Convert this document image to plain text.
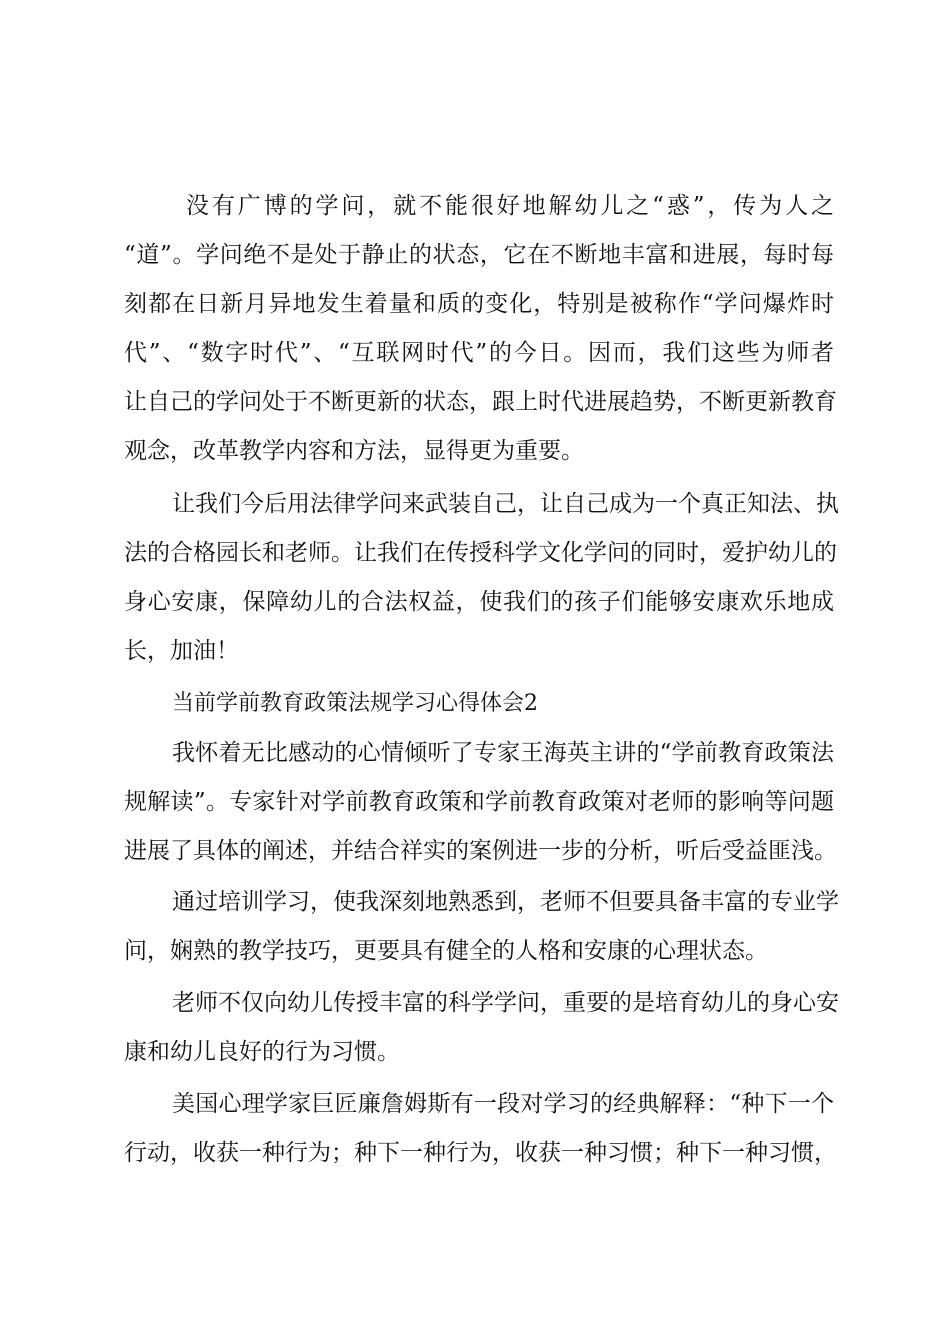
没有广博的学问，就不能很好地解幼儿之“惑”，传为人之
“道”。学问绝不是处于静止的状态，它在不断地丰富和进展，每时每
刻都在日新月异地发生着量和质的变化，特别是被称作“学问爆炸时
代”、“数字时代”、“互联网时代”的今日。因而，我们这些为师者
让自己的学问处于不断更新的状态，跟上时代进展趋势，不断更新教育
观念，改革教学内容和方法，显得更为重要。
让我们今后用法律学问来武装自己，让自己成为一个真正知法、执
法的合格园长和老师。让我们在传授科学文化学问的同时，爱护幼儿的
身心安康，保障幼儿的合法权益，使我们的孩子们能够安康欢乐地成
长，加油！
当前学前教育政策法规学习心得体会2
我怀着无比感动的心情倾听了专家王海英主讲的“学前教育政策法
规解读”。专家针对学前教育政策和学前教育政策对老师的影响等问题
进展了具体的阐述，并结合祥实的案例进一步的分析，听后受益匪浅。
通过培训学习，使我深刻地熟悉到，老师不但要具备丰富的专业学
问，娴熟的教学技巧，更要具有健全的人格和安康的心理状态。
老师不仅向幼儿传授丰富的科学学问，重要的是培育幼儿的身心安
康和幼儿良好的行为习惯。
美国心理学家巨匠廉詹姆斯有一段对学习的经典解释：“种下一个
行动，收获一种行为；种下一种行为，收获一种习惯；种下一种习惯，
